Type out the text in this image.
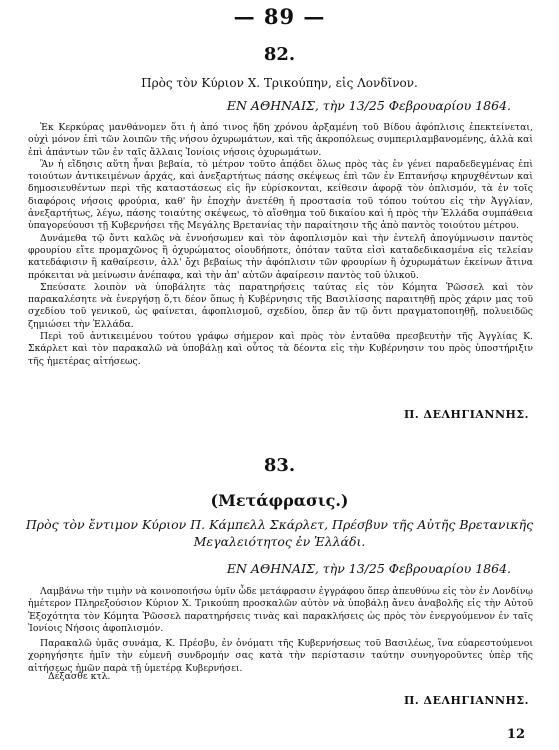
— 89 —
82.
Πρὸς τὸν Κύριον Χ. Τρικούπην, εἰς Λονδῖνον.
ΕΝ ΑΘΗΝΑΙΣ, τὴν 13/25 Φεβρουαρίου 1864.

Ἐκ Κερκύρας μανθάνομεν ὅτι ἡ ἀπό τινος ἤδη χρόνου ἀρξαμένη τοῦ Βίδου ἀφόπλισις ἐπεκτείνεται, οὐχὶ μόνον ἐπὶ τῶν λοιπῶν τῆς νήσου ὀχυρωμάτων, καὶ τῆς ἀκροπόλεως συμπεριλαμβανομένης, ἀλλὰ καὶ ἐπὶ ἁπάντων τῶν ἐν ταῖς ἄλλαις Ἰονίοις νήσοις ὀχυρωμάτων.

Ἂν ἡ εἴδησις αὕτη ἦναι βεβαία, τὸ μέτρον τοῦτο ἀπᾴδει ὅλως πρὸς τὰς ἐν γένει παραδεδεγμένας ἐπὶ τοιούτων ἀντικειμένων ἀρχάς, καὶ ἀνεξαρτήτως πάσης σκέψεως ἐπὶ τῶν ἐν Επτανήσῳ κηρυχθέντων καὶ δημοσιευθέντων περὶ τῆς καταστάσεως εἰς ἣν εὑρίσκονται, κείθεσιν ἀφορᾷ τὸν ὁπλισμόν, τὰ ἐν τοῖς διαφόροις νήσοις φρούρια, καθ' ἣν ἐποχὴν ἀνετέθη ἡ προστασία τοῦ τόπου τούτου εἰς τὴν Ἀγγλίαν, ἀνεξαρτήτως, λέγω, πάσης τοιαύτης σκέψεως, τὸ αἴσθημα τοῦ δικαίου καὶ ἡ πρὸς τὴν Ἑλλάδα συμπάθεια ὑπαγορεύουσι τῇ Κυβερνήσει τῆς Μεγάλης Βρετανίας τὴν παραίτησιν τῆς ἀπὸ παντὸς τοιούτου μέτρου.

Δυνάμεθα τῷ ὄντι καλῶς νὰ ἐννοήσωμεν καὶ τὸν ἀφοπλισμὸν καὶ τὴν ἐντελῆ ἀπογύμνωσιν παντὸς φρουρίου εἴτε προμαχῶνος ἢ ὀχυρώματος οἱουδήποτε, ὁπόταν ταῦτα εἰσὶ καταδεδικασμένα εἰς τελείαν κατεδάφισιν ἢ καθαίρεσιν, ἀλλ' ὄχι βεβαίως τὴν ἀφόπλισιν τῶν φρουρίων ἢ ὀχυρωμάτων ἐκείνων ἅτινα πρόκειται νὰ μείνωσιν ἀνέπαφα, καὶ τὴν ἀπ' αὐτῶν ἀφαίρεσιν παντὸς τοῦ ὑλικοῦ.

Σπεύσατε λοιπὸν νὰ ὑποβάλητε τὰς παρατηρήσεις ταύτας εἰς τὸν Κόμητα Ῥῶσσελ καὶ τὸν παρακαλέσητε νὰ ἐνεργήσῃ ὅ,τι δέον ὅπως ἡ Κυβέρνησις τῆς Βασιλίσσης παραιτηθῇ πρὸς χάριν μας τοῦ σχεδίου τοῦ γενικοῦ, ὡς φαίνεται, ἀφοπλισμοῦ, σχεδίου, ὅπερ ἄν τῷ ὄντι πραγματοποιηθῇ, πολυειδῶς ζημιώσει τὴν Ἑλλάδα.

Περὶ τοῦ ἀντικειμένου τούτου γράφω σήμερον καὶ πρὸς τὸν ἐνταῦθα πρεσβευτὴν τῆς Ἀγγλίας Κ. Σκάρλετ καὶ τὸν παρακαλῶ νὰ ὑποβάλῃ καὶ οὗτος τὰ δέοντα εἰς τὴν Κυβέρνησιν του πρὸς ὑποστήριξιν τῆς ἡμετέρας αἰτήσεως.

Π. ΔΕΛΗΓΙΑΝΝΗΣ.
83.
(Μετάφρασις.)
Πρὸς τὸν ἔντιμον Κύριον Π. Κάμπελλ Σκάρλετ, Πρέσβυν τῆς Αὐτῆς Βρετανικῆς
Μεγαλειότητος ἐν Ἑλλάδι.
ΕΝ ΑΘΗΝΑΙΣ, τὴν 13/25 Φεβρουαρίου 1864.

Λαμβάνω τὴν τιμὴν νὰ κοινοποιήσω ὑμῖν ὧδε μετάφρασιν ἐγγράφου ὅπερ ἀπευθύνω εἰς τὸν ἐν Λονδίνῳ ἡμέτερον Πληρεξούσιον Κύριον Χ. Τρικούπη προσκαλῶν αὐτὸν νὰ ὑποβάλῃ ἄνευ ἀναβολῆς εἰς τὴν Αὐτοῦ Ἐξοχότητα τὸν Κόμητα Ῥῶσσελ παρατηρήσεις τινὰς καὶ παρακλήσεις ὡς πρὸς τὸν ἐνεργούμενον ἐν ταῖς Ἰονίοις Νήσοις ἀφοπλισμόν.

Παρακαλῶ ὑμᾶς συνάμα, Κ. Πρέσβυ, ἐν ὀνόματι τῆς Κυβερνήσεως τοῦ Βασιλέως, ἵνα εὐαρεστούμενοι χορηγήσητε ἡμῖν τὴν εὐμενῆ συνδρομήν σας κατὰ τὴν περίστασιν ταύτην συνηγοροῦντες ὑπὲρ τῆς αἰτήσεως ἡμῶν παρὰ τῇ ὑμετέρᾳ Κυβερνήσει.

Δέξασθε κτλ.
Π. ΔΕΛΗΓΙΑΝΝΗΣ.
12
